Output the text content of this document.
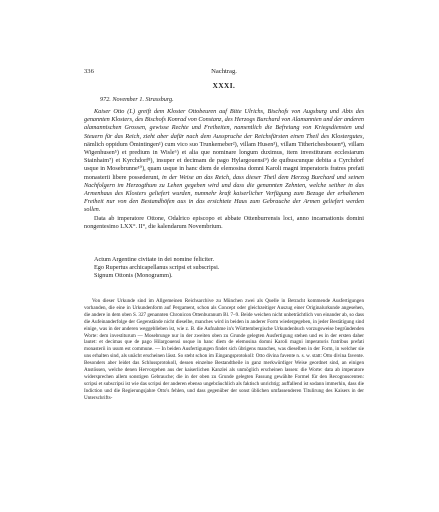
336	Nachtrag.
XXXI.
972. November 1. Strassburg.

Kaiser Otto (I.) greift dem Kloster Ottobeuren auf Bitte Ulrichs, Bischofs von Augsburg und Abts des genannten Klosters, des Bischofs Konrad von Constanz, des Herzogs Burchard von Alamannien und der anderen alamannischen Grossen, gewisse Rechte und Freiheiten, namentlich die Befreiung von Kriegsdiensten und Steuern für das Reich, zieht aber dafür nach dem Ausspruche der Reichsfürsten einen Theil des Klostergutes, nämlich oppidum Ömintingen¹) cum vico suo Trunkemeber²), villam Husen³), villam Titherichesbouen⁴), villam Wigenhusen⁵) et predium in Wisle⁶) et alia que nominare longum duximus, item investituram ecclesiarum Stainhaim⁷) et Kyrchdorf⁸), insuper et decimam de pago Hylargouensi⁹) de quibuscunque debita a Cyrchdorf usque in Mosebrunne¹⁰), quam usque in hanc diem de elemosina domni Karoli magni imperatoris fratres prefati monasterii libere possederunt, in der Weise an das Reich, dass dieser Theil dem Herzog Burchard und seinen Nachfolgern im Herzogthum zu Lehen gegeben wird und dass die genannten Zehnten, welche seither in das Armenhaus des Klosters geliefert wurden, nunmehr kraft kaiserlicher Verfügung zum Bezuge der erhaltenen Freiheit nur von den Bestandhöfen aus in das ersichtete Haus zum Gebrauche der Armen geliefert werden sollen.

Data ab imperatore Ottone, Odalrico episcopo et abbate Ottenburrensis loci, anno incarnationis domini nongentesimo LXX°. II°, die kalendarum Novembrium.

Actum Argentine civitate in dei nomine feliciter.
Ego Rupertus archicapellanus scripsi et subscripsi.
Signum Ottonis (Monogramm).

Von dieser Urkunde sind im Allgemeinen Reichsarchive zu München zwei als Quelle in Betracht kommende Ausfertigungen vorhanden, die eine in Urkundenform auf Pergament, schon als Concept oder gleichzeitiger Auszug einer Originalurkunde angesehen, die andere in dem oben S. 327 genannten Chronicon Ottenburanum Bl. 7–9. Beide weichen nicht unbeträchtlich von einander ab, so dass die Aufeinanderfolge der Gegenstände nicht dieselbe, manches wird in beiden in anderer Form wiedergegeben, in jeder Bestätigung sind einige, was in der anderen weggeblieben ist, wie z. B. die Aufnahme in's Württembergische Urkundenbuch vorzugsweise begründenden Worte: dem investiturum — Mosebrunge nur in der zweiten oben zu Grunde gelegten Ausfertigung stehen und es in der ersten daher lautet: et decimas que de pago Hilargouensi usque in hanc diem de elemosina domni Karoli magni imperatoris fratribus prefati monasterii in usum est commune. — In beiden Ausfertigungen findet sich übrigens manches, was dieselben in der Form, in welcher sie uns erhalten sind, als unächt erscheinen lässt. So steht schon im Eingangsprotokoll: Otto divina favente n. s. w. statt: Otto divina favente. Besonders aber leidet das Schlussprotokoll, dessen einzelne Bestandtheile in ganz merkwürdiger Weise geordnet sind, an einigen Anstössen, welche denen Hervorgehen aus der kaiserlichen Kanzlei als unmöglich erscheinen lassen: die Worte: data ab imperatore widersprechen allem sonstigen Gebrauche; die in der oben zu Grunde gelegten Fassung gewählte Formel für den Recognoscenten: scripsi et subscripsi ist wie das scripsi der anderen ebenso ungebräuchlich als faktisch unrichtig; auffallend ist sodann immerhin, dass die Indiction und die Regierungsjahre Otto's fehlen, und dass gegenüber der sonst üblichen umfassenderen Titulirung des Kaisers in der Unterschrifts-
